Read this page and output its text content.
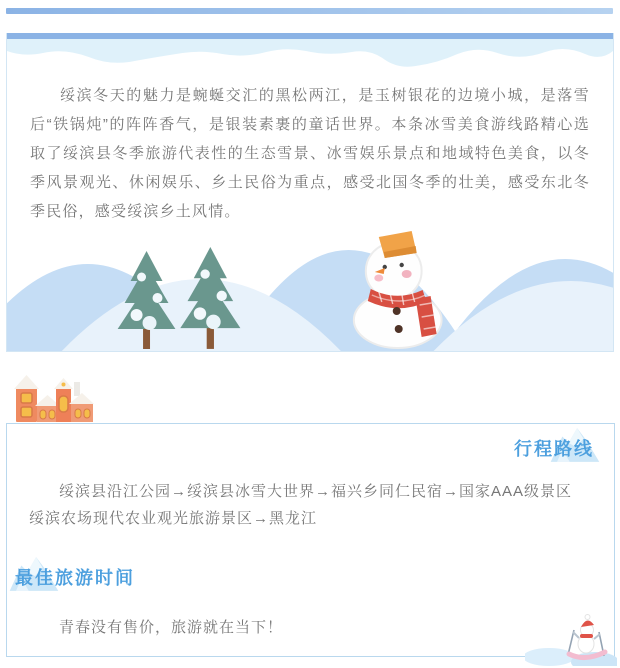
绥滨冬天的魅力是蜿蜒交汇的黑松两江，是玉树银花的边境小城，是落雪后“铁锅炖”的阵阵香气，是银装素裹的童话世界。本条冰雪美食游线路精心选取了绥滨县冬季旅游代表性的生态雪景、冰雪娱乐景点和地域特色美食，以冬季风景观光、休闲娱乐、乡土民俗为重点，感受北国冬季的壮美，感受东北冬季民俗，感受绥滨乡土风情。

行程路线

绥滨县沿江公园→绥滨县冰雪大世界→福兴乡同仁民宿→国家AAA级景区
绥滨农场现代农业观光旅游景区→黑龙江

最佳旅游时间

青春没有售价，旅游就在当下！
